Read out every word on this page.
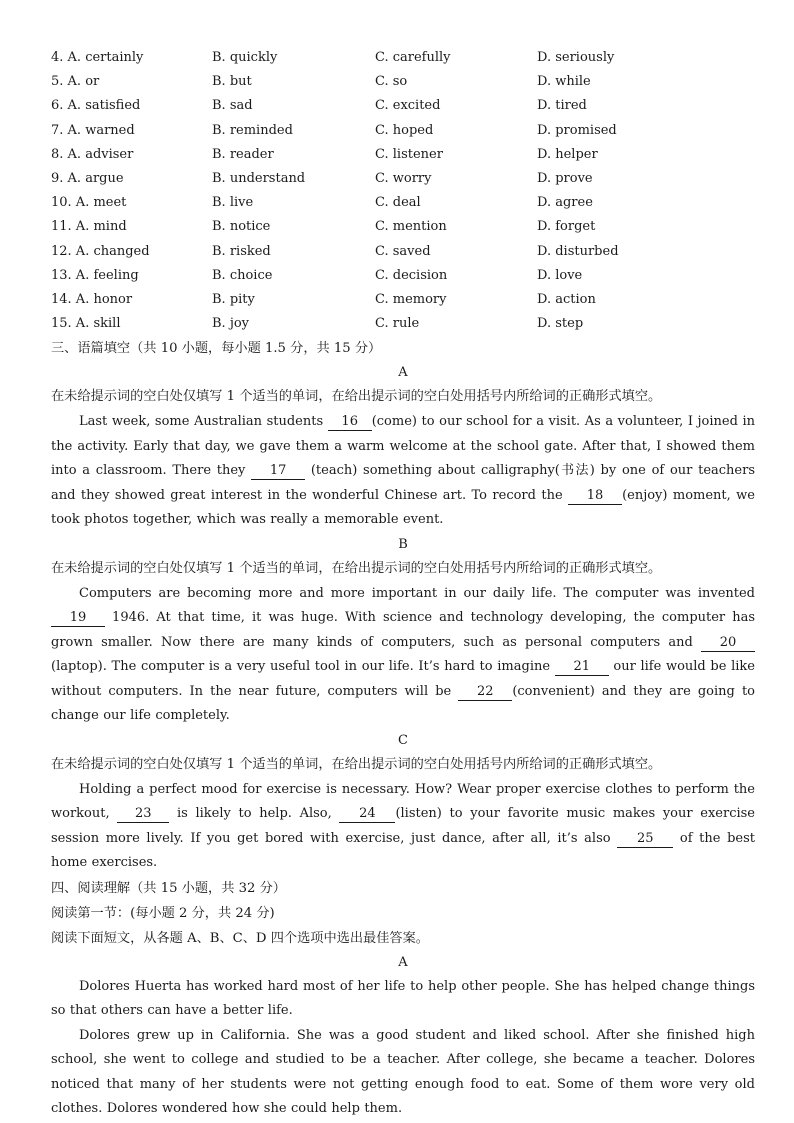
4. A. certainly	B. quickly	C. carefully	D. seriously
5. A. or	B. but	C. so	D. while
6. A. satisfied	B. sad	C. excited	D. tired
7. A. warned	B. reminded	C. hoped	D. promised
8. A. adviser	B. reader	C. listener	D. helper
9. A. argue	B. understand	C. worry	D. prove
10. A. meet	B. live	C. deal	D. agree
11. A. mind	B. notice	C. mention	D. forget
12. A. changed	B. risked	C. saved	D. disturbed
13. A. feeling	B. choice	C. decision	D. love
14. A. honor	B. pity	C. memory	D. action
15. A. skill	B. joy	C. rule	D. step
三、语篇填空（共 10 小题，每小题 1.5 分，共 15 分）
A
在未给提示词的空白处仅填写 1 个适当的单词，在给出提示词的空白处用括号内所给词的正确形式填空。

Last week, some Australian students 16 (come) to our school for a visit. As a volunteer, I joined in the activity. Early that day, we gave them a warm welcome at the school gate. After that, I showed them into a classroom. There they 17 (teach) something about calligraphy(书法) by one of our teachers and they showed great interest in the wonderful Chinese art. To record the 18 (enjoy) moment, we took photos together, which was really a memorable event.

B
在未给提示词的空白处仅填写 1 个适当的单词，在给出提示词的空白处用括号内所给词的正确形式填空。

Computers are becoming more and more important in our daily life. The computer was invented 19 1946. At that time, it was huge. With science and technology developing, the computer has grown smaller. Now there are many kinds of computers, such as personal computers and 20 (laptop). The computer is a very useful tool in our life. It’s hard to imagine 21 our life would be like without computers. In the near future, computers will be 22 (convenient) and they are going to change our life completely.

C
在未给提示词的空白处仅填写 1 个适当的单词，在给出提示词的空白处用括号内所给词的正确形式填空。

Holding a perfect mood for exercise is necessary. How? Wear proper exercise clothes to perform the workout, 23 is likely to help. Also, 24 (listen) to your favorite music makes your exercise session more lively. If you get bored with exercise, just dance, after all, it’s also 25 of the best home exercises.

四、阅读理解（共 15 小题，共 32 分）
阅读第一节：(每小题 2 分，共 24 分)
阅读下面短文，从各题 A、B、C、D 四个选项中选出最佳答案。
A

Dolores Huerta has worked hard most of her life to help other people. She has helped change things so that others can have a better life.

Dolores grew up in California. She was a good student and liked school. After she finished high school, she went to college and studied to be a teacher. After college, she became a teacher. Dolores noticed that many of her students were not getting enough food to eat. Some of them wore very old clothes. Dolores wondered how she could help them.
